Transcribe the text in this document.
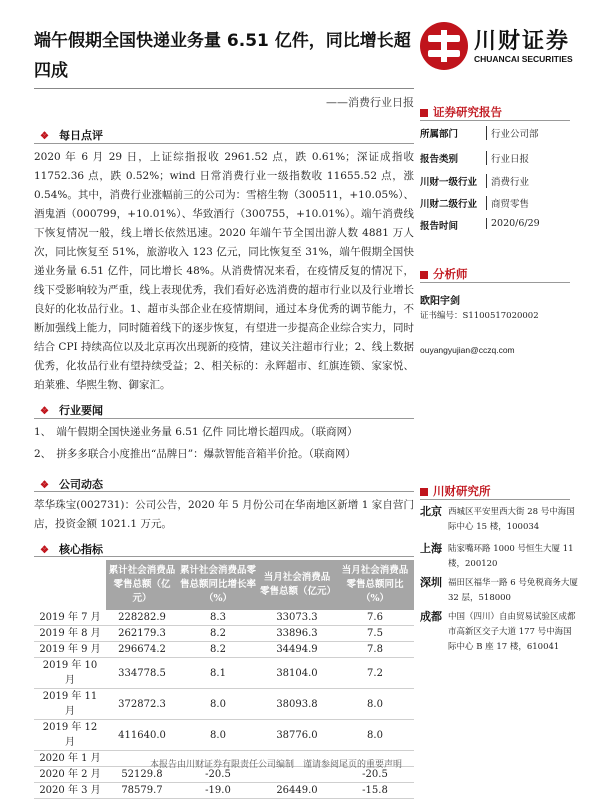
端午假期全国快递业务量 6.51 亿件，同比增长超四成
川财证券
CHUANCAI SECURITIES
——消费行业日报
❖ 每日点评
2020 年 6 月 29 日，上证综指报收 2961.52 点，跌 0.61%；深证成指收 11752.36 点，跌 0.52%；wind 日常消费行业一级指数收 11655.52 点，涨 0.54%。其中，消费行业涨幅前三的公司为：雪榕生物（300511，+10.05%）、酒鬼酒（000799，+10.01%）、华致酒行（300755，+10.01%）。端午消费线下恢复情况一般，线上增长依然迅速。2020 年端午节全国出游人数 4881 万人次，同比恢复至 51%，旅游收入 123 亿元，同比恢复至 31%，端午假期全国快递业务量 6.51 亿件，同比增长 48%。从消费情况来看，在疫情反复的情况下，线下受影响较为严重，线上表现优秀，我们看好必选消费的超市行业以及行业增长良好的化妆品行业。1、超市头部企业在疫情期间，通过本身优秀的调节能力，不断加强线上能力，同时随着线下的逐步恢复，有望进一步提高企业综合实力，同时结合 CPI 持续高位以及北京再次出现新的疫情，建议关注超市行业；2、线上数据优秀，化妆品行业有望持续受益；2、相关标的：永辉超市、红旗连锁、家家悦、珀莱雅、华熙生物、御家汇。
❖ 行业要闻
1、　端午假期全国快递业务量 6.51 亿件 同比增长超四成。（联商网）
2、　拼多多联合小度推出“品牌日”：爆款智能音箱半价抢。（联商网）
❖ 公司动态
萃华珠宝(002731)：公司公告，2020 年 5 月份公司在华南地区新增 1 家自营门店，投资金额 1021.1 万元。
❖ 核心指标
	累计社会消费品零售总额（亿元）	累计社会消费品零售总额同比增长率（%）	当月社会消费品零售总额（亿元）	当月社会消费品零售总额同比（%）
2019 年 7 月	228282.9	8.3	33073.3	7.6
2019 年 8 月	262179.3	8.2	33896.3	7.5
2019 年 9 月	296674.2	8.2	34494.9	7.8
2019 年 10 月	334778.5	8.1	38104.0	7.2
2019 年 11 月	372872.3	8.0	38093.8	8.0
2019 年 12 月	411640.0	8.0	38776.0	8.0
2020 年 1 月				
2020 年 2 月	52129.8	-20.5		-20.5
2020 年 3 月	78579.7	-19.0	26449.0	-15.8
证券研究报告
所属部门	行业公司部
报告类别	行业日报
川财一级行业	消费行业
川财二级行业	商贸零售
报告时间	2020/6/29
分析师
欧阳宇剑
证书编号：S1100517020002
ouyangyujian@cczq.com
川财研究所
北京 西城区平安里西大街 28 号中海国际中心 15 楼，100034
上海 陆家嘴环路 1000 号恒生大厦 11 楼，200120
深圳 福田区福华一路 6 号免税商务大厦 32 层，518000
成都 中国（四川）自由贸易试验区成都市高新区交子大道 177 号中海国际中心 B 座 17 楼，610041
本报告由川财证券有限责任公司编制　谨请参阅尾页的重要声明
